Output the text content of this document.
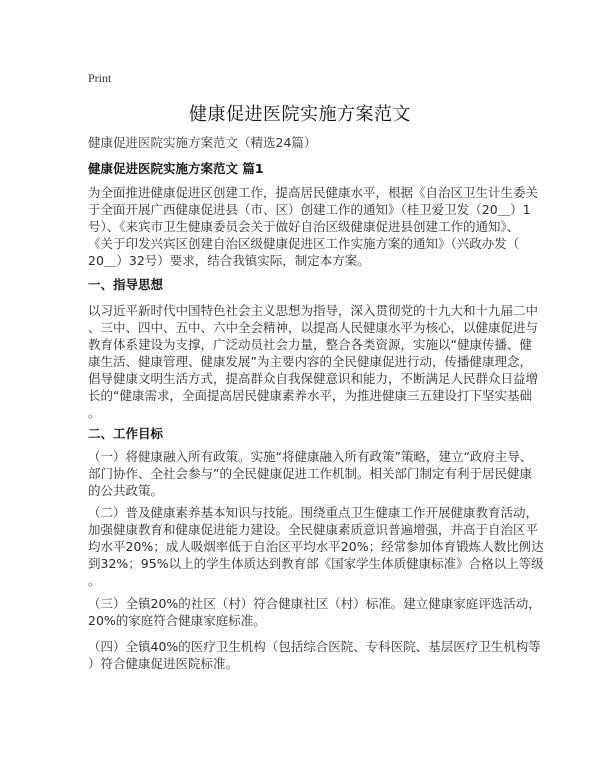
Print
健康促进医院实施方案范文
健康促进医院实施方案范文（精选24篇）
健康促进医院实施方案范文 篇1
为全面推进健康促进区创建工作，提高居民健康水平，根据《自治区卫生计生委关
于全面开展广西健康促进县（市、区）创建工作的通知》（桂卫爱卫发（20＿）1
号）、《来宾市卫生健康委员会关于做好自治区级健康促进县创建工作的通知》、
《关于印发兴宾区创建自治区级健康促进区工作实施方案的通知》（兴政办发（
20＿）32号）要求，结合我镇实际，制定本方案。
一、指导思想
以习近平新时代中国特色社会主义思想为指导，深入贯彻党的十九大和十九届二中
、三中、四中、五中、六中全会精神，以提高人民健康水平为核心，以健康促进与
教育体系建设为支撑，广泛动员社会力量，整合各类资源，实施以“健康传播、健
康生活、健康管理、健康发展”为主要内容的全民健康促进行动，传播健康理念，
倡导健康文明生活方式，提高群众自我保健意识和能力，不断满足人民群众日益增
长的“健康需求，全面提高居民健康素养水平，为推进健康三五建设打下坚实基础
。
二、工作目标
（一）将健康融入所有政策。实施“将健康融入所有政策”策略，建立“政府主导、
部门协作、全社会参与”的全民健康促进工作机制。相关部门制定有利于居民健康
的公共政策。
（二）普及健康素养基本知识与技能。围绕重点卫生健康工作开展健康教育活动，
加强健康教育和健康促进能力建设。全民健康素质意识普遍增强，并高于自治区平
均水平20%；成人吸烟率低于自治区平均水平20%；经常参加体育锻炼人数比例达
到32%；95%以上的学生体质达到教育部《国家学生体质健康标准》合格以上等级
。
（三）全镇20%的社区（村）符合健康社区（村）标准。建立健康家庭评选活动，
20%的家庭符合健康家庭标准。
（四）全镇40%的医疗卫生机构（包括综合医院、专科医院、基层医疗卫生机构等
）符合健康促进医院标准。
